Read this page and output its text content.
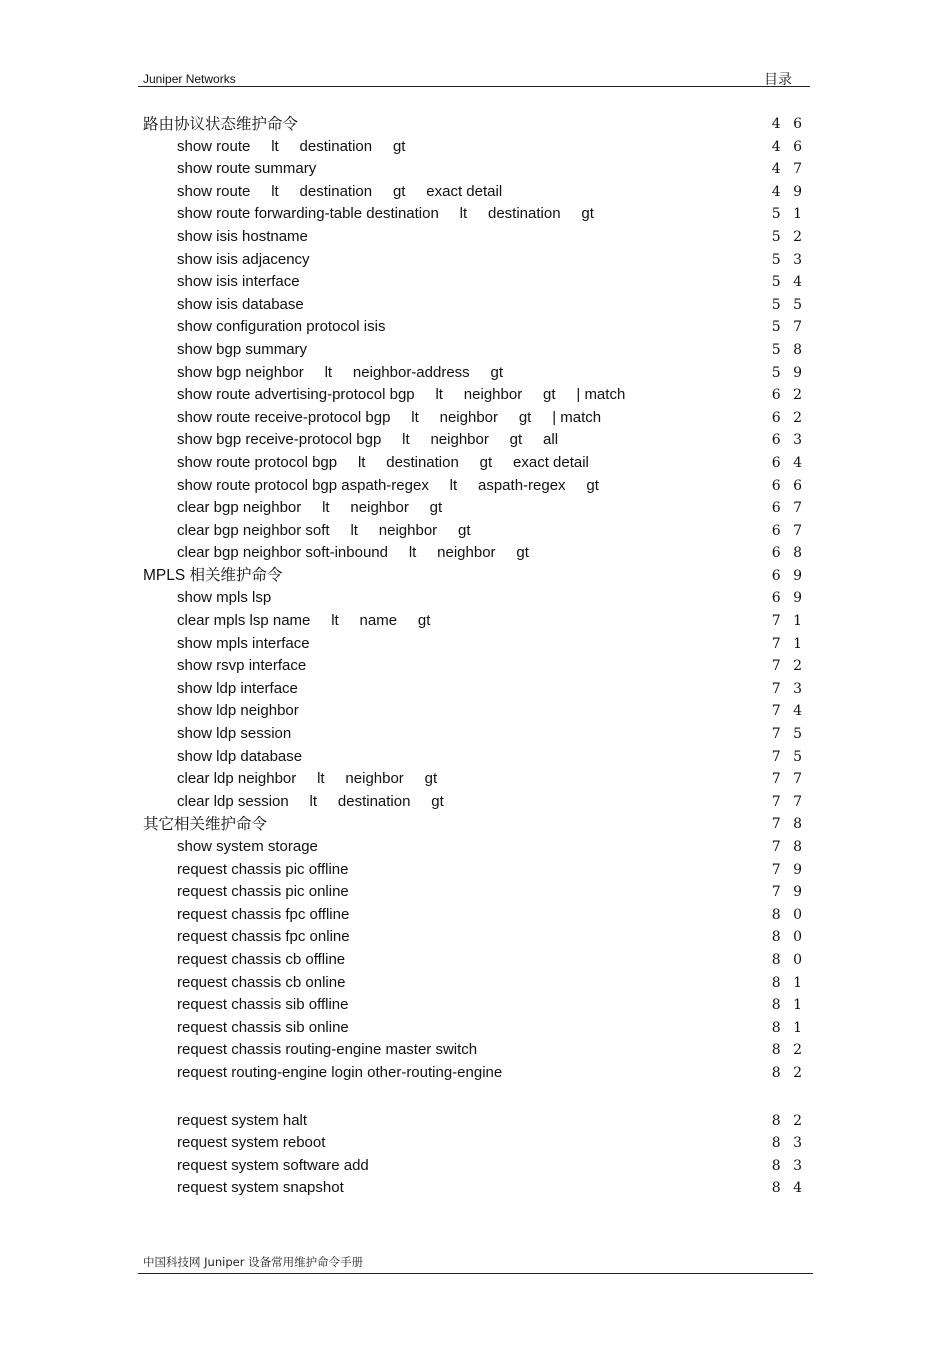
Juniper Networks	目录
路由协议状态维护命令	4 6
show route     lt     destination     gt	4 6
show route summary	4 7
show route     lt     destination     gt     exact detail	4 9
show route forwarding-table destination     lt     destination     gt	5 1
show isis hostname	5 2
show isis adjacency	5 3
show isis interface	5 4
show isis database	5 5
show configuration protocol isis	5 7
show bgp summary	5 8
show bgp neighbor     lt     neighbor-address     gt	5 9
show route advertising-protocol bgp     lt     neighbor     gt     | match	6 2
show route receive-protocol bgp     lt     neighbor     gt     | match	6 2
show bgp receive-protocol bgp     lt     neighbor     gt     all	6 3
show route protocol bgp     lt     destination     gt     exact detail	6 4
show route protocol bgp aspath-regex     lt     aspath-regex     gt	6 6
clear bgp neighbor     lt     neighbor     gt	6 7
clear bgp neighbor soft     lt     neighbor     gt	6 7
clear bgp neighbor soft-inbound     lt     neighbor     gt	6 8
MPLS 相关维护命令	6 9
show mpls lsp	6 9
clear mpls lsp name     lt     name     gt	7 1
show mpls interface	7 1
show rsvp interface	7 2
show ldp interface	7 3
show ldp neighbor	7 4
show ldp session	7 5
show ldp database	7 5
clear ldp neighbor     lt     neighbor     gt	7 7
clear ldp session     lt     destination     gt	7 7
其它相关维护命令	7 8
show system storage	7 8
request chassis pic offline	7 9
request chassis pic online	7 9
request chassis fpc offline	8 0
request chassis fpc online	8 0
request chassis cb offline	8 0
request chassis cb online	8 1
request chassis sib offline	8 1
request chassis sib online	8 1
request chassis routing-engine master switch	8 2
request routing-engine login other-routing-engine	8 2
request system halt	8 2
request system reboot	8 3
request system software add	8 3
request system snapshot	8 4
中国科技网 Juniper 设备常用维护命令手册
